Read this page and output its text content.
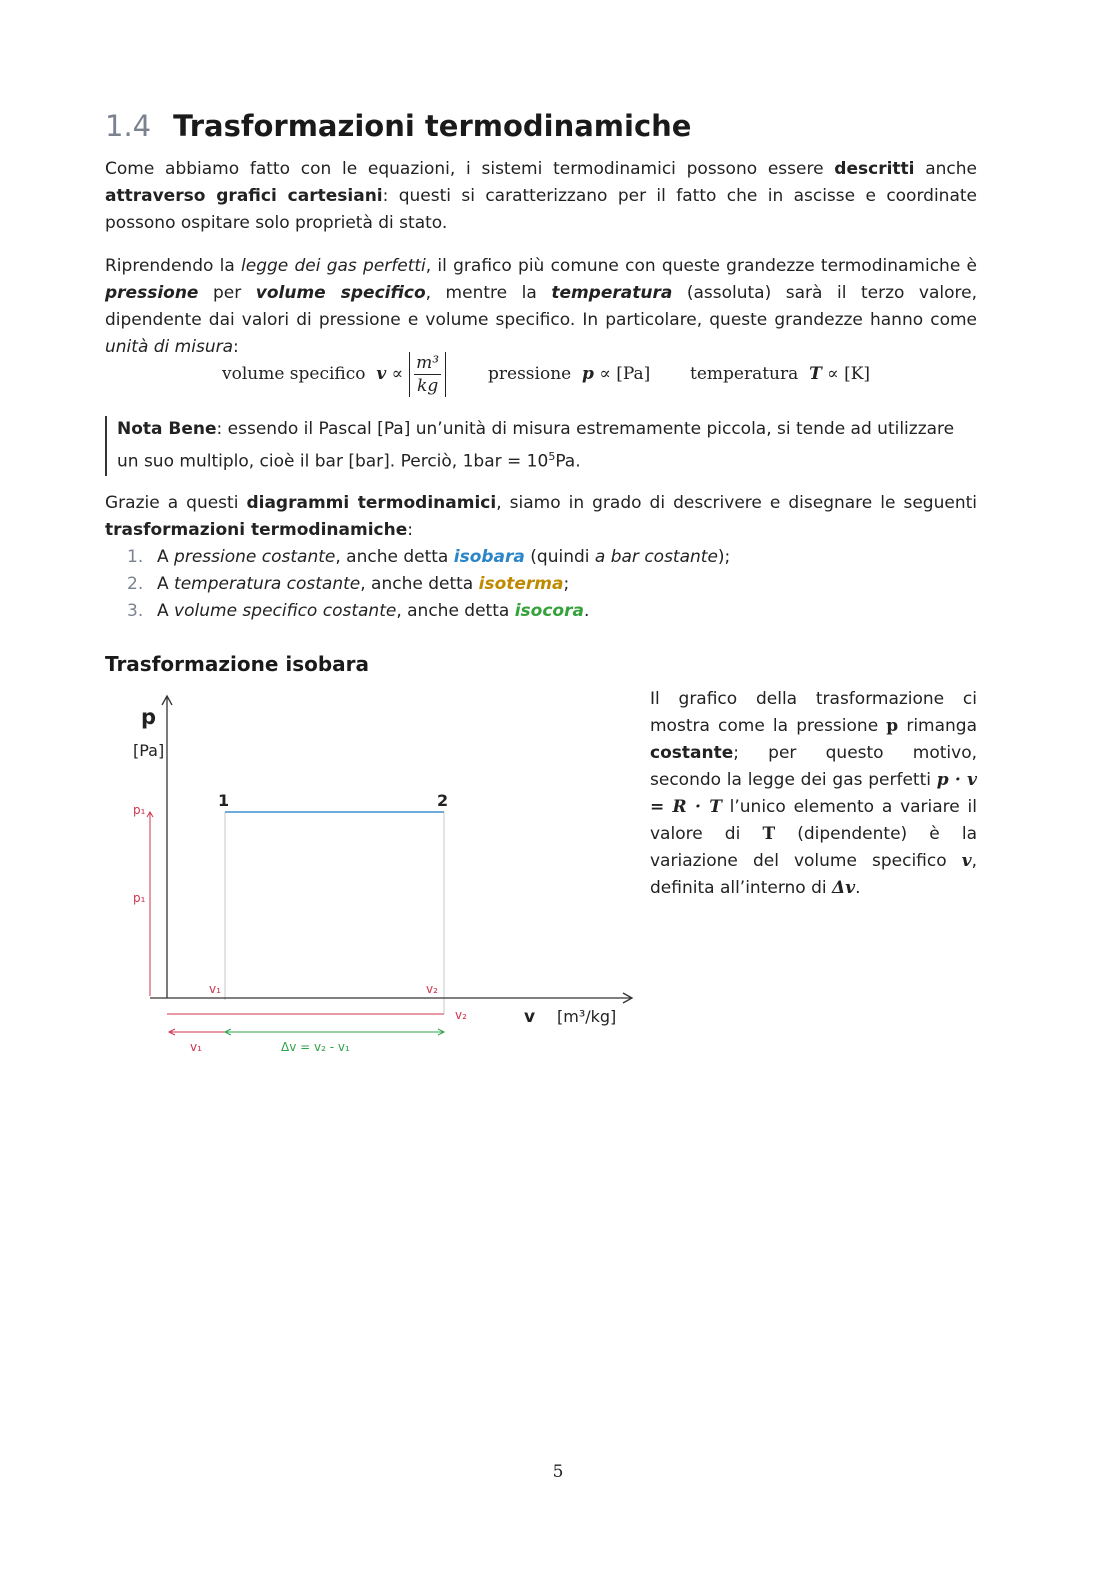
1.4 Trasformazioni termodinamiche

Come abbiamo fatto con le equazioni, i sistemi termodinamici possono essere descritti anche attraverso grafici cartesiani: questi si caratterizzano per il fatto che in ascisse e coordinate possono ospitare solo proprietà di stato.

Riprendendo la legge dei gas perfetti, il grafico più comune con queste grandezze termodinamiche è pressione per volume specifico, mentre la temperatura (assoluta) sarà il terzo valore, dipendente dai valori di pressione e volume specifico. In particolare, queste grandezze hanno come unità di misura:

volume specifico
v
∝ $\frac{\text{m³}}{kg}$ pressione
p
∝
[Pa] temperatura
T
∝
[K]

Nota Bene: essendo il Pascal [Pa] un’unità di misura estremamente piccola, si tende ad utilizzare un suo multiplo, cioè il bar [bar]. Perciò, $1bar = 10^5Pa$.

Grazie a questi diagrammi termodinamici, siamo in grado di descrivere e disegnare le seguenti trasformazioni termodinamiche:

1. A pressione costante, anche detta isobara (quindi a bar costante);
2. A temperatura costante, anche detta isoterma;
3. A volume specifico costante, anche detta isocora.
Trasformazione isobara
Il grafico della trasformazione ci mostra come la pressione p rimanga costante; per questo motivo, secondo la legge dei gas perfetti p · v = R · T l’unico elemento a variare il valore di T (dipendente) è la variazione del volume specifico v, definita all’interno di Δv.
p
[Pa]
1	2
p₁
p₁
v₁	v₂
v₂
v₁	Δv = v₂ - v₁
v [m³/kg]
5
